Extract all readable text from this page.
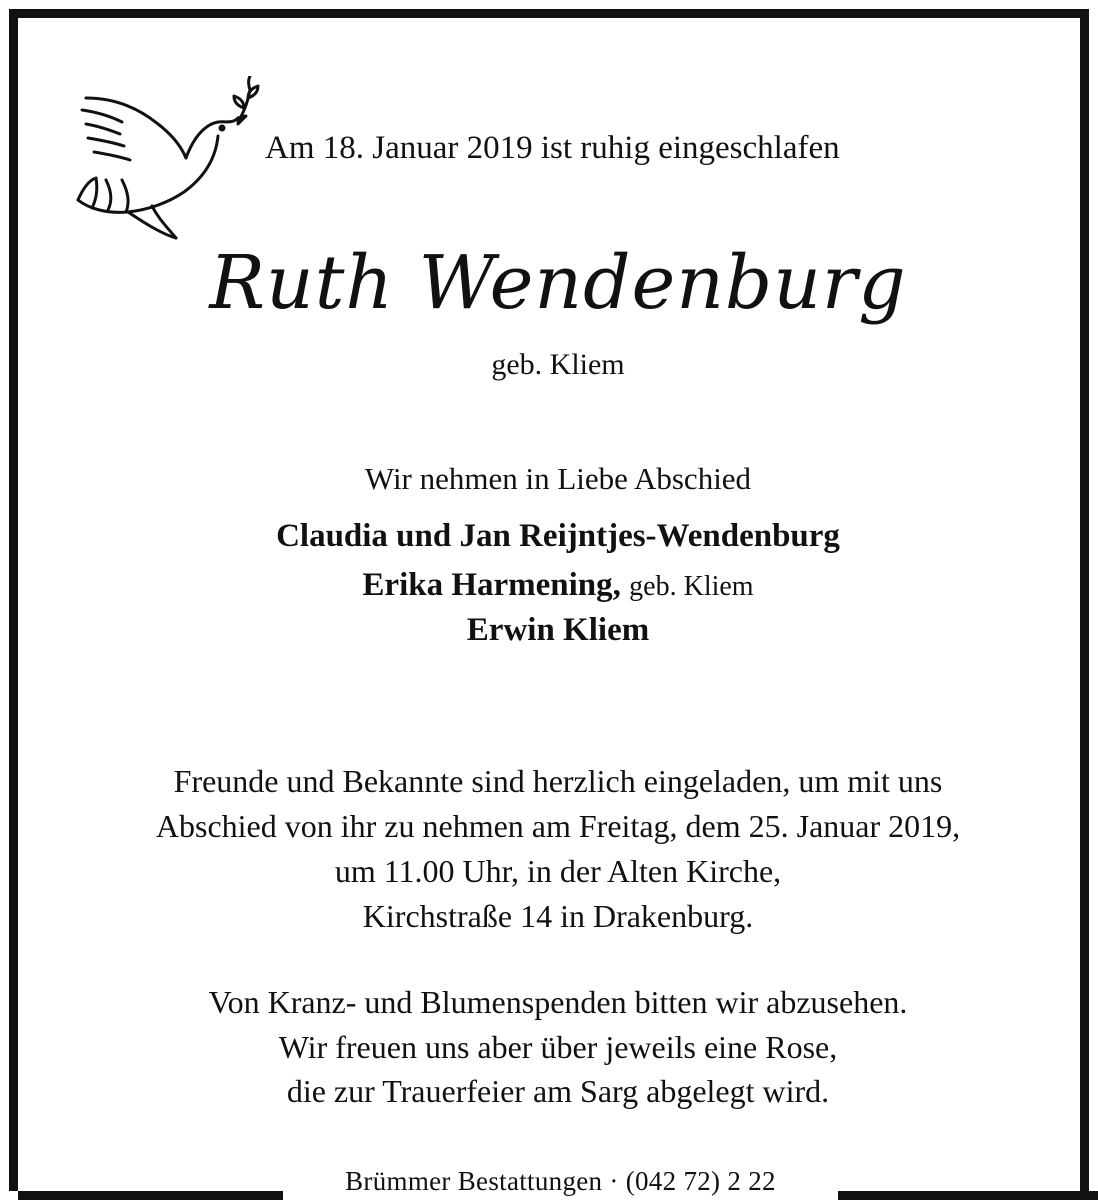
Am 18. Januar 2019 ist ruhig eingeschlafen
Ruth Wendenburg
geb. Kliem
Wir nehmen in Liebe Abschied
Claudia und Jan Reijntjes-Wendenburg
Erika Harmening, geb. Kliem
Erwin Kliem
Freunde und Bekannte sind herzlich eingeladen, um mit uns
Abschied von ihr zu nehmen am Freitag, dem 25. Januar 2019,
um 11.00 Uhr, in der Alten Kirche,
Kirchstraße 14 in Drakenburg.
Von Kranz- und Blumenspenden bitten wir abzusehen.
Wir freuen uns aber über jeweils eine Rose,
die zur Trauerfeier am Sarg abgelegt wird.
Brümmer Bestattungen · (042 72) 2 22
